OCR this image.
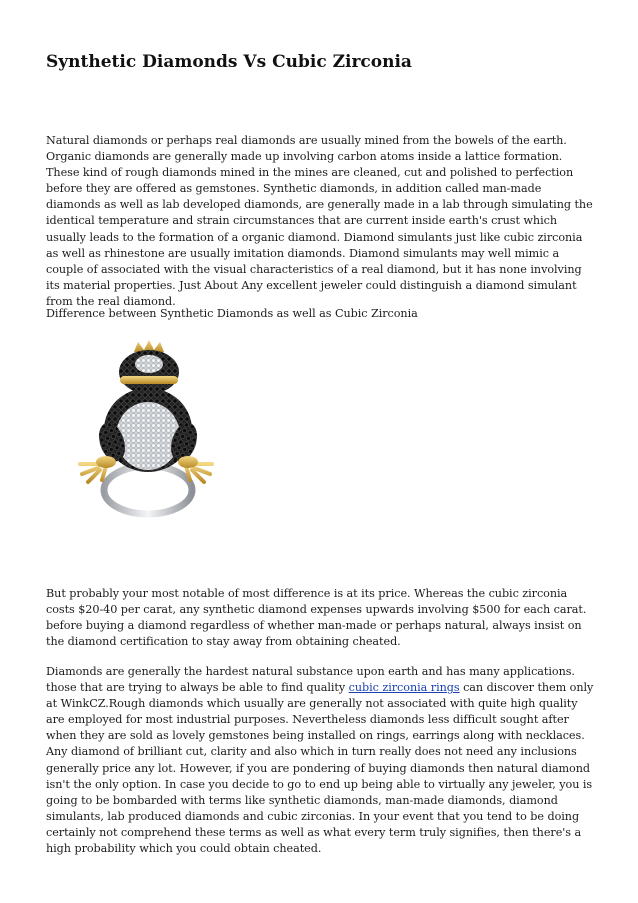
Synthetic Diamonds Vs Cubic Zirconia

Natural diamonds or perhaps real diamonds are usually mined from the bowels of the earth. Organic diamonds are generally made up involving carbon atoms inside a lattice formation. These kind of rough diamonds mined in the mines are cleaned, cut and polished to perfection before they are offered as gemstones. Synthetic diamonds, in addition called man-made diamonds as well as lab developed diamonds, are generally made in a lab through simulating the identical temperature and strain circumstances that are current inside earth's crust which usually leads to the formation of a organic diamond. Diamond simulants just like cubic zirconia as well as rhinestone are usually imitation diamonds. Diamond simulants may well mimic a couple of associated with the visual characteristics of a real diamond, but it has none involving its material properties. Just About Any excellent jeweler could distinguish a diamond simulant from the real diamond.

Difference between Synthetic Diamonds as well as Cubic Zirconia

But probably your most notable of most difference is at its price. Whereas the cubic zirconia costs $20-40 per carat, any synthetic diamond expenses upwards involving $500 for each carat. before buying a diamond regardless of whether man-made or perhaps natural, always insist on the diamond certification to stay away from obtaining cheated.

Diamonds are generally the hardest natural substance upon earth and has many applications. those that are trying to always be able to find quality cubic zirconia rings can discover them only at WinkCZ.Rough diamonds which usually are generally not associated with quite high quality are employed for most industrial purposes. Nevertheless diamonds less difficult sought after when they are sold as lovely gemstones being installed on rings, earrings along with necklaces. Any diamond of brilliant cut, clarity and also which in turn really does not need any inclusions generally price any lot. However, if you are pondering of buying diamonds then natural diamond isn't the only option. In case you decide to go to end up being able to virtually any jeweler, you is going to be bombarded with terms like synthetic diamonds, man-made diamonds, diamond simulants, lab produced diamonds and cubic zirconias. In your event that you tend to be doing certainly not comprehend these terms as well as what every term truly signifies, then there's a high probability which you could obtain cheated.
